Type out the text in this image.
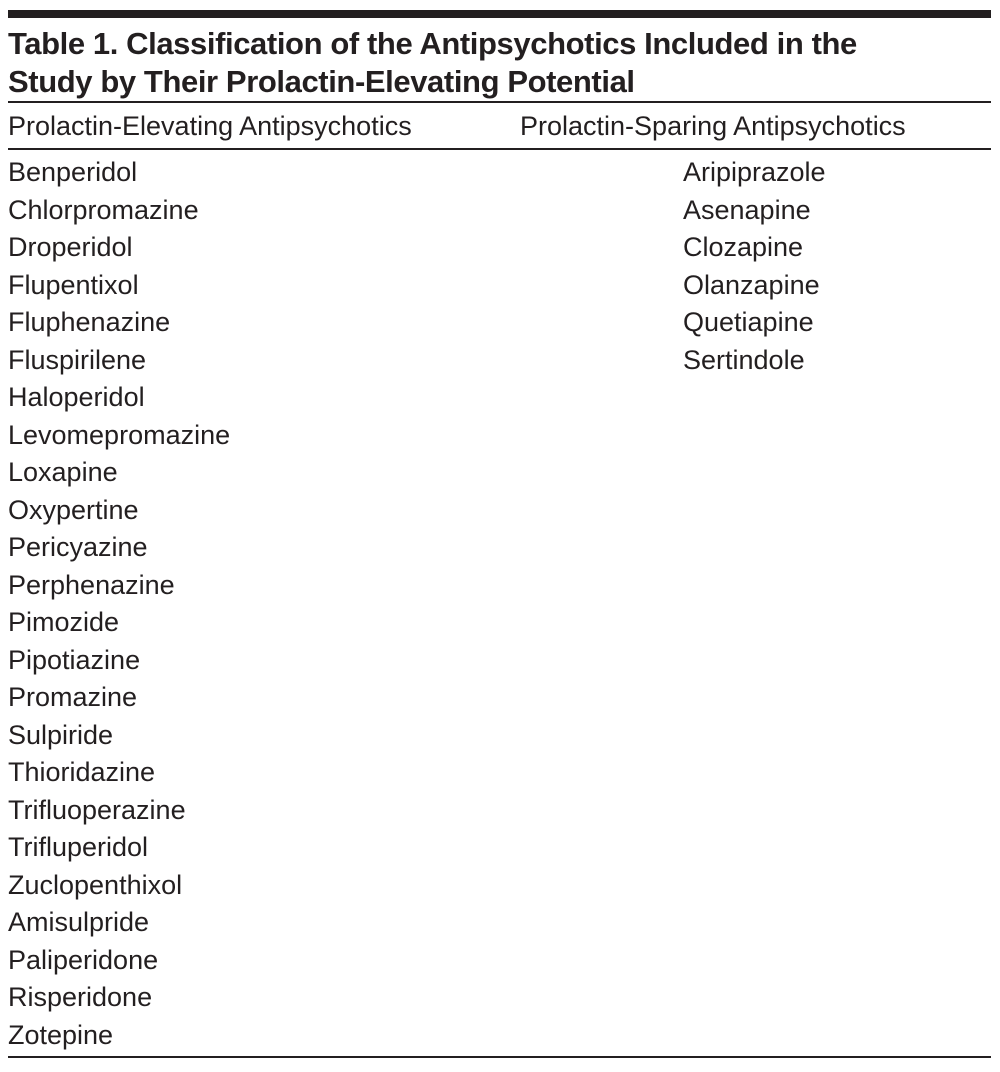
Table 1. Classification of the Antipsychotics Included in the
Study by Their Prolactin-Elevating Potential
Prolactin-Elevating Antipsychotics	Prolactin-Sparing Antipsychotics
Benperidol
Chlorpromazine
Droperidol
Flupentixol
Fluphenazine
Fluspirilene
Haloperidol
Levomepromazine
Loxapine
Oxypertine
Pericyazine
Perphenazine
Pimozide
Pipotiazine
Promazine
Sulpiride
Thioridazine
Trifluoperazine
Trifluperidol
Zuclopenthixol
Amisulpride
Paliperidone
Risperidone
Zotepine
Aripiprazole
Asenapine
Clozapine
Olanzapine
Quetiapine
Sertindole
